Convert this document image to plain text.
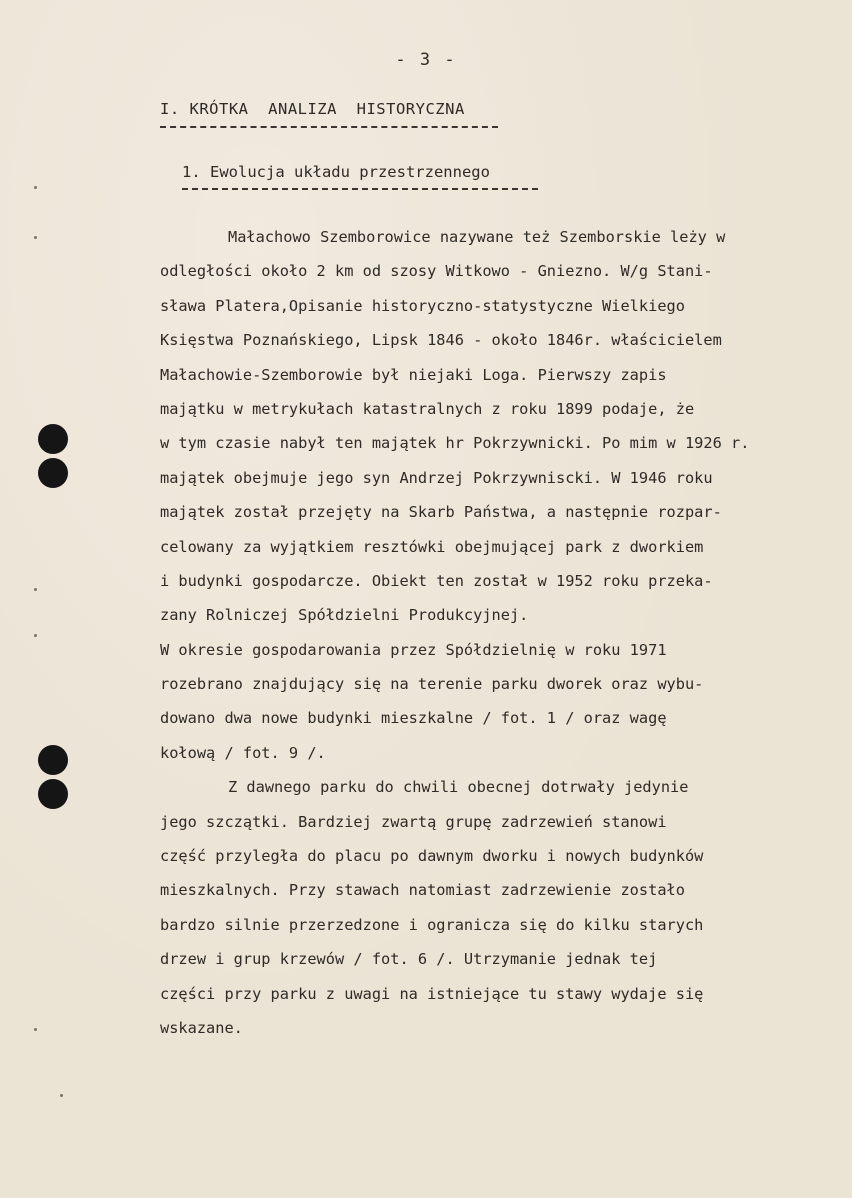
- 3 -
I. KRÓTKA  ANALIZA  HISTORYCZNA
1. Ewolucja układu przestrzennego
Małachowo Szemborowice nazywane też Szemborskie leży w
odległości około 2 km od szosy Witkowo - Gniezno. W/g Stani-
sława Platera,Opisanie historyczno-statystyczne Wielkiego
Księstwa Poznańskiego, Lipsk 1846 - około 1846r. właścicielem
Małachowie-Szemborowie był niejaki Loga. Pierwszy zapis
majątku w metrykułach katastralnych z roku 1899 podaje, że
w tym czasie nabył ten majątek hr Pokrzywnicki. Po mim w 1926 r.
majątek obejmuje jego syn Andrzej Pokrzywniscki. W 1946 roku
majątek został przejęty na Skarb Państwa, a następnie rozpar-
celowany za wyjątkiem resztówki obejmującej park z dworkiem
i budynki gospodarcze. Obiekt ten został w 1952 roku przeka-
zany Rolniczej Spółdzielni Produkcyjnej.
W okresie gospodarowania przez Spółdzielnię w roku 1971
rozebrano znajdujący się na terenie parku dworek oraz wybu-
dowano dwa nowe budynki mieszkalne / fot. 1 / oraz wagę
kołową / fot. 9 /.
Z dawnego parku do chwili obecnej dotrwały jedynie
jego szczątki. Bardziej zwartą grupę zadrzewień stanowi
część przyległa do placu po dawnym dworku i nowych budynków
mieszkalnych. Przy stawach natomiast zadrzewienie zostało
bardzo silnie przerzedzone i ogranicza się do kilku starych
drzew i grup krzewów / fot. 6 /. Utrzymanie jednak tej
części przy parku z uwagi na istniejące tu stawy wydaje się
wskazane.
